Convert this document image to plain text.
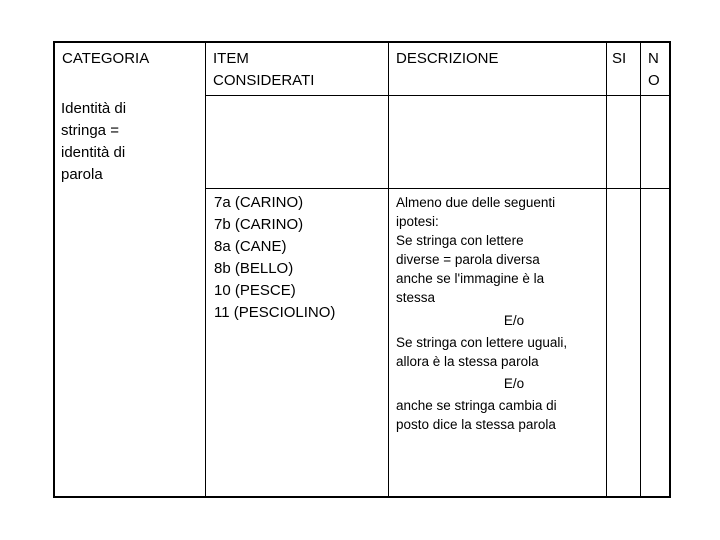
CATEGORIA	ITEM
CONSIDERATI
DESCRIZIONE	SI N
O
Identità di
stringa =
identità di
parola
7a (CARINO)
7b (CARINO)
8a (CANE)
8b (BELLO)
10 (PESCE)
11 (PESCIOLINO)
Almeno due delle seguenti
ipotesi:
Se stringa con lettere
diverse = parola diversa
anche se l'immagine è la
stessa
E/o
Se stringa con lettere uguali,
allora è la stessa parola
E/o
anche se stringa cambia di
posto dice la stessa parola
